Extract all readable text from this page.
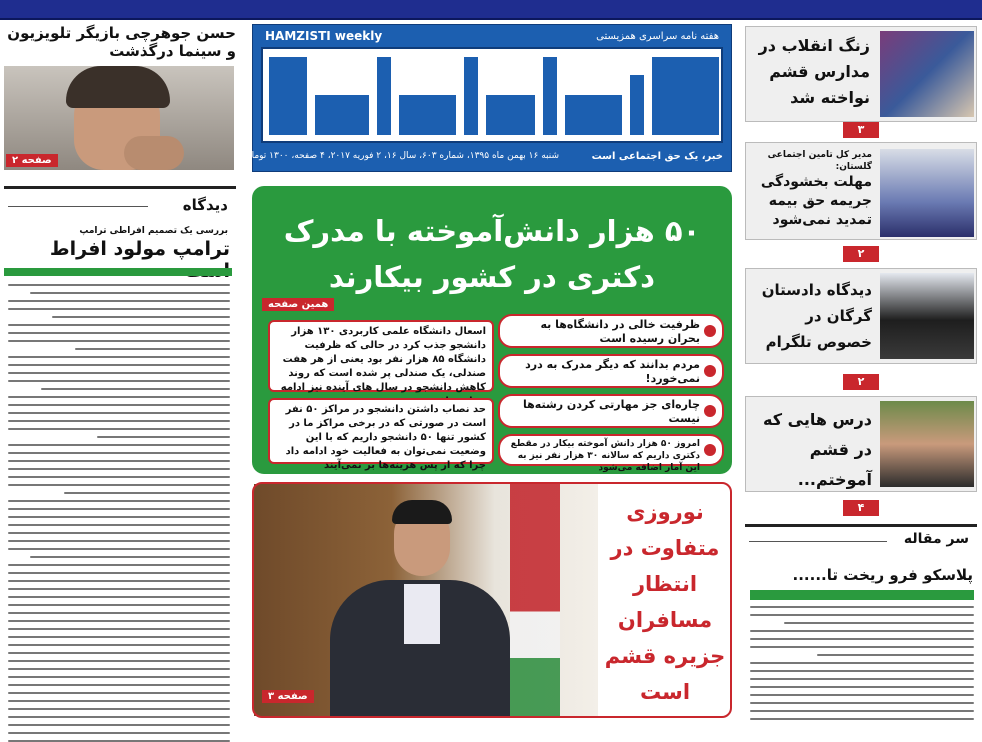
HAMZISTI weekly	هفته نامه سراسری همزیستی
شنبه ۱۶ بهمن ماه ۱۳۹۵، شماره ۶۰۳، سال ۱۶، ۲ فوریه ۲۰۱۷، ۴ صفحه، ۱۳۰۰ تومان	خبر، یک حق اجتماعی است
حسن جوهرچی بازیگر تلویزیون و سینما درگذشت
صفحه ۲
دیدگاه
بررسی یک تصمیم افراطی ترامپ
ترامپ مولود افراط
۵۰ هزار دانش‌آموخته با مدرک دکتری در کشور بیکارند
همین صفحه
اسعال دانشگاه علمی کاربردی ۱۳۰ هزار دانشجو جذب کرد در حالی که ظرفیت دانشگاه ۸۵ هزار نفر بود یعنی از هر هفت صندلی، یک صندلی پر شده است که روند کاهش دانشجو در سال های آینده نیز ادامه
حد نصاب داشتن دانشجو در مراکز ۵۰ نفر است در صورتی که در برخی مراکز ما در کشور تنها ۵۰ دانشجو داریم که با این وضعیت نمی‌توان به فعالیت خود ادامه داد چرا که از پس هزینه‌ها بر نمی‌آیند
ظرفیت خالی در دانشگاه‌ها به بحران رسیده است
مردم بدانند که دیگر مدرک به درد نمی‌خورد!
چاره‌ای جز مهارتی کردن رشته‌ها نیست
امروز ۵۰ هزار دانش آموخته بیکار در مقطع دکتری داریم که سالانه ۳۰ هزار نفر نیز به این آمار اضافه می‌شود
صفحه ۳
نوروزی متفاوت در انتظار مسافران جزیره قشم است
زنگ انقلاب در مدارس قشم نواخته شد
۳
مدیر کل تامین اجتماعی گلستان:
مهلت بخشودگی جریمه حق بیمه تمدید نمی‌شود
۲
دیدگاه دادستان گرگان در خصوص تلگرام
۲
درس هایی که در قشم آموختم...
۴
سر مقاله
پلاسکو فرو ریخت تا......
